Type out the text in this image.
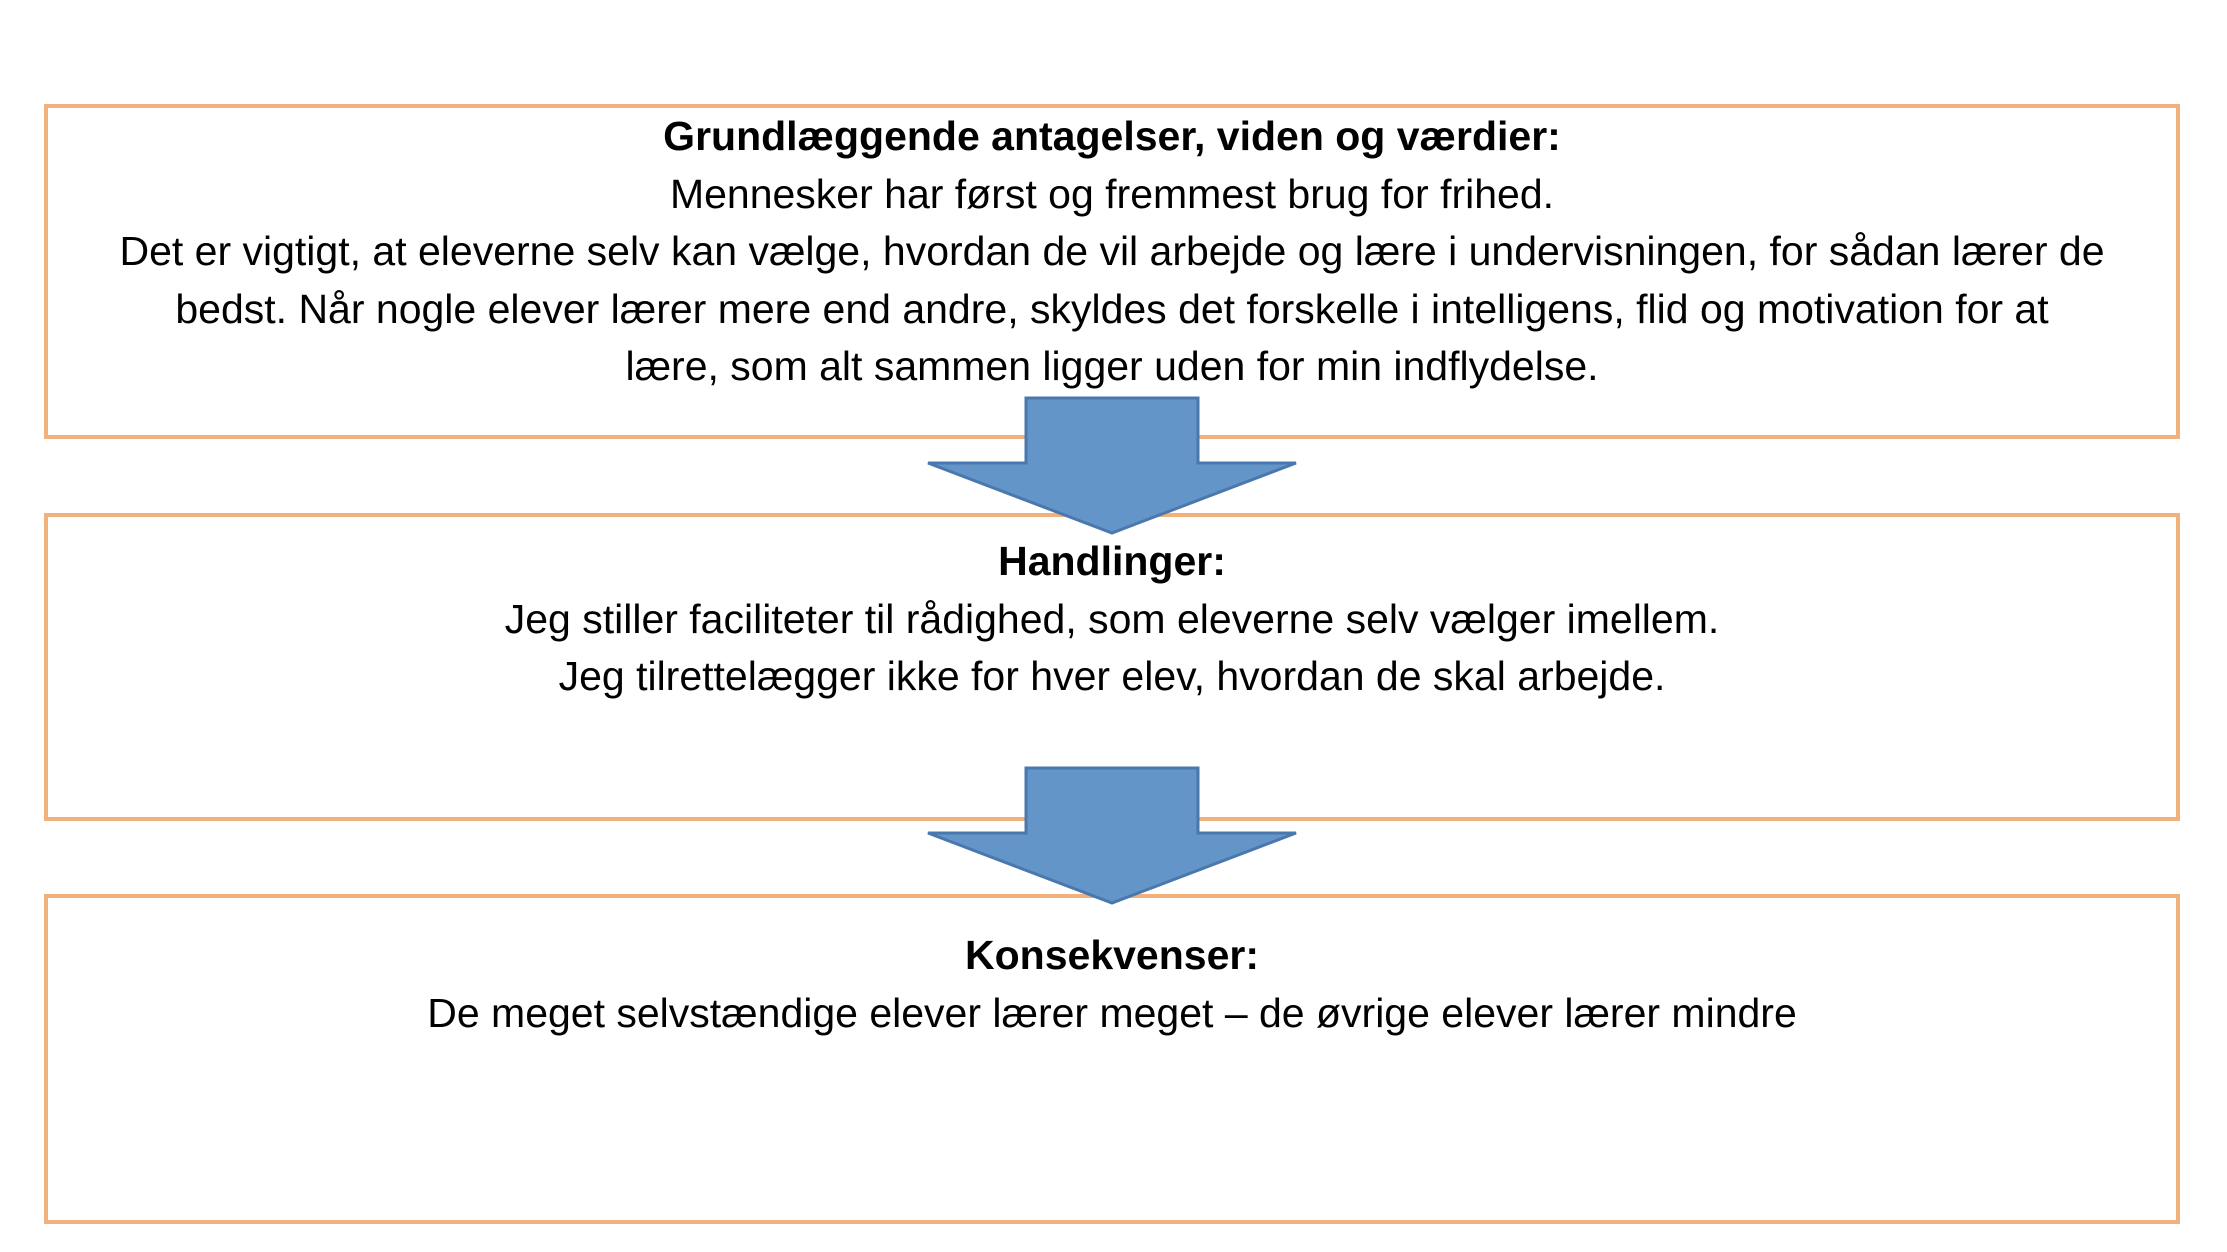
Grundlæggende antagelser, viden og værdier:
Mennesker har først og fremmest brug for frihed.
Det er vigtigt, at eleverne selv kan vælge, hvordan de vil arbejde og lære i undervisningen, for sådan lærer de
bedst. Når nogle elever lærer mere end andre, skyldes det forskelle i intelligens, flid og motivation for at
lære, som alt sammen ligger uden for min indflydelse.
Handlinger:
Jeg stiller faciliteter til rådighed, som eleverne selv vælger imellem.
Jeg tilrettelægger ikke for hver elev, hvordan de skal arbejde.
Konsekvenser:
De meget selvstændige elever lærer meget – de øvrige elever lærer mindre
